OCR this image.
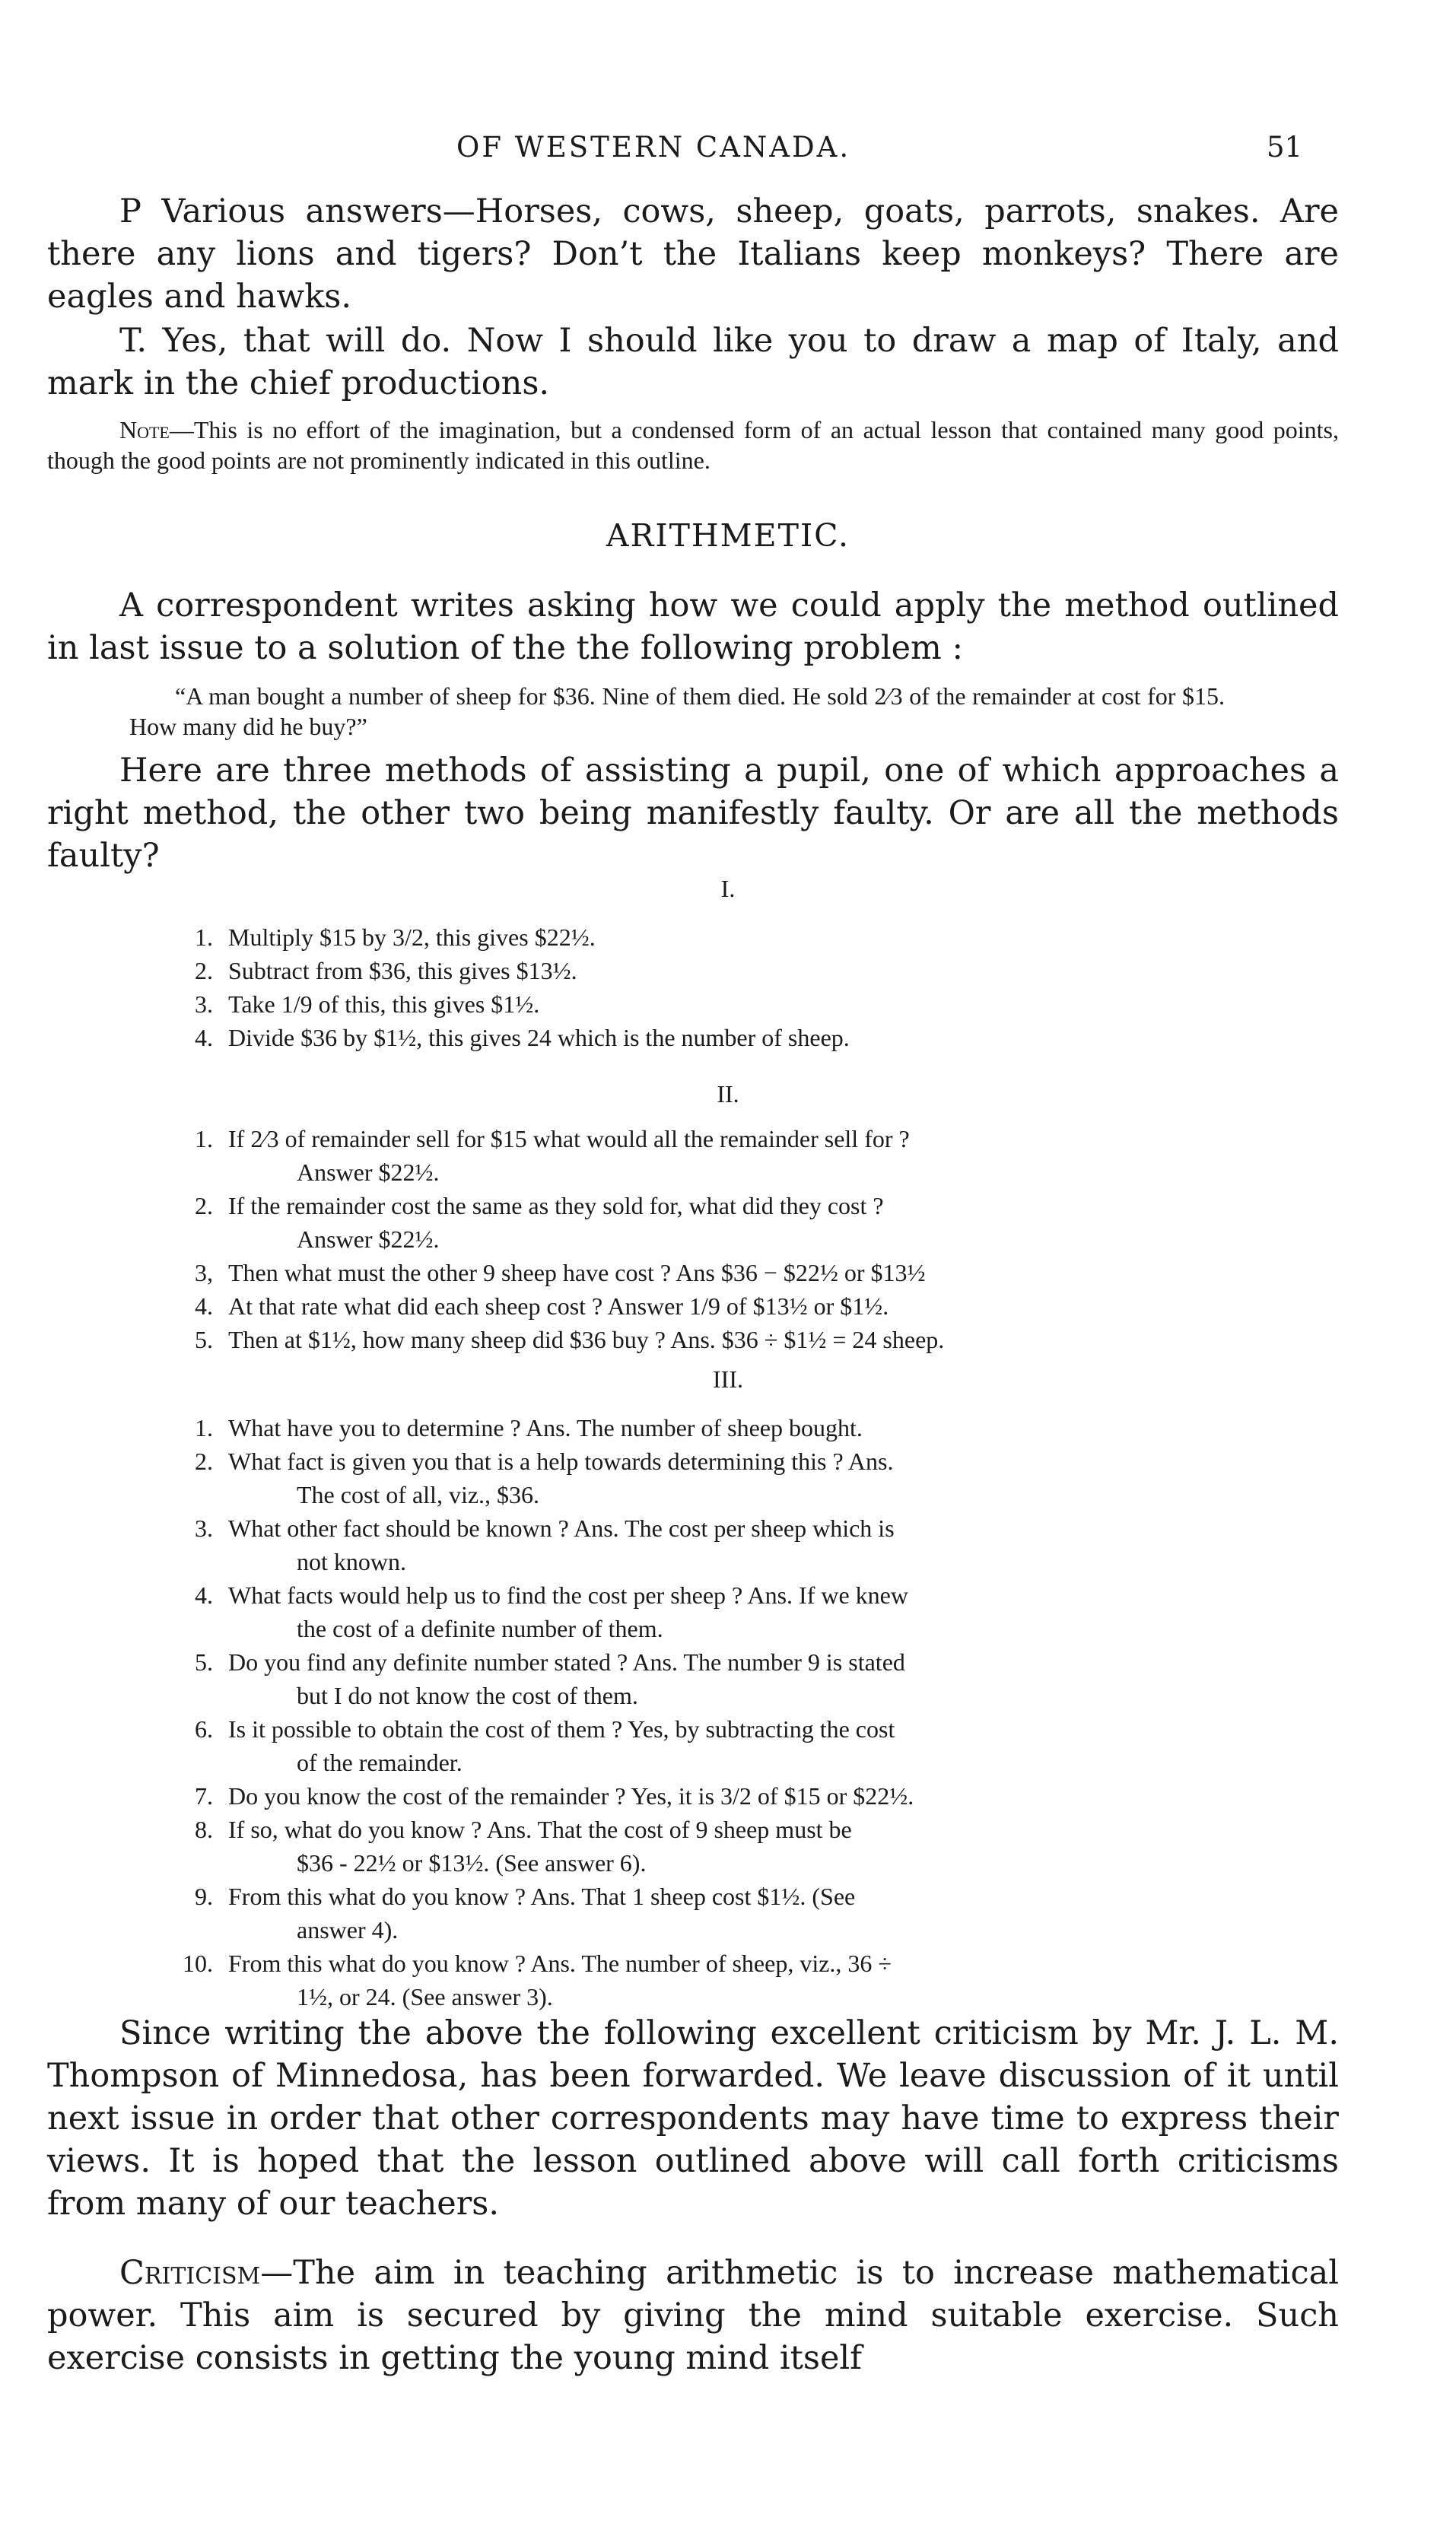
OF WESTERN CANADA.	51

P Various answers—Horses, cows, sheep, goats, parrots, snakes. Are there any lions and tigers? Don’t the Italians keep monkeys? There are eagles and hawks.

T. Yes, that will do. Now I should like you to draw a map of Italy, and mark in the chief productions.

Note—This is no effort of the imagination, but a condensed form of an actual lesson that contained many good points, though the good points are not prominently indicated in this outline.

ARITHMETIC.

A correspondent writes asking how we could apply the method outlined in last issue to a solution of the the following problem :

“A man bought a number of sheep for $36. Nine of them died. He sold 2⁄3 of the remainder at cost for $15. How many did he buy?”

Here are three methods of assisting a pupil, one of which approaches a right method, the other two being manifestly faulty. Or are all the methods faulty?

I.
1. Multiply $15 by 3/2, this gives $22½.
2. Subtract from $36, this gives $13½.
3. Take 1/9 of this, this gives $1½.
4. Divide $36 by $1½, this gives 24 which is the number of sheep.
II.
1. If 2⁄3 of remainder sell for $15 what would all the remainder sell for ?
Answer $22½.
2. If the remainder cost the same as they sold for, what did they cost ?
Answer $22½.
3, Then what must the other 9 sheep have cost ? Ans $36 − $22½ or $13½
4. At that rate what did each sheep cost ? Answer 1/9 of $13½ or $1½.
5. Then at $1½, how many sheep did $36 buy ? Ans. $36 ÷ $1½ = 24 sheep.
III.
1. What have you to determine ? Ans. The number of sheep bought.
2. What fact is given you that is a help towards determining this ? Ans.
The cost of all, viz., $36.
3. What other fact should be known ? Ans. The cost per sheep which is
not known.
4. What facts would help us to find the cost per sheep ? Ans. If we knew
the cost of a definite number of them.
5. Do you find any definite number stated ? Ans. The number 9 is stated
but I do not know the cost of them.
6. Is it possible to obtain the cost of them ? Yes, by subtracting the cost
of the remainder.
7. Do you know the cost of the remainder ? Yes, it is 3/2 of $15 or $22½.
8. If so, what do you know ? Ans. That the cost of 9 sheep must be
$36 - 22½ or $13½. (See answer 6).
9. From this what do you know ? Ans. That 1 sheep cost $1½. (See
answer 4).
10. From this what do you know ? Ans. The number of sheep, viz., 36 ÷
1½, or 24. (See answer 3).

Since writing the above the following excellent criticism by Mr. J. L. M. Thompson of Minnedosa, has been forwarded. We leave discussion of it until next issue in order that other correspondents may have time to express their views. It is hoped that the lesson outlined above will call forth criticisms from many of our teachers.

Criticism—The aim in teaching arithmetic is to increase mathematical power. This aim is secured by giving the mind suitable exercise. Such exercise consists in getting the young mind itself
